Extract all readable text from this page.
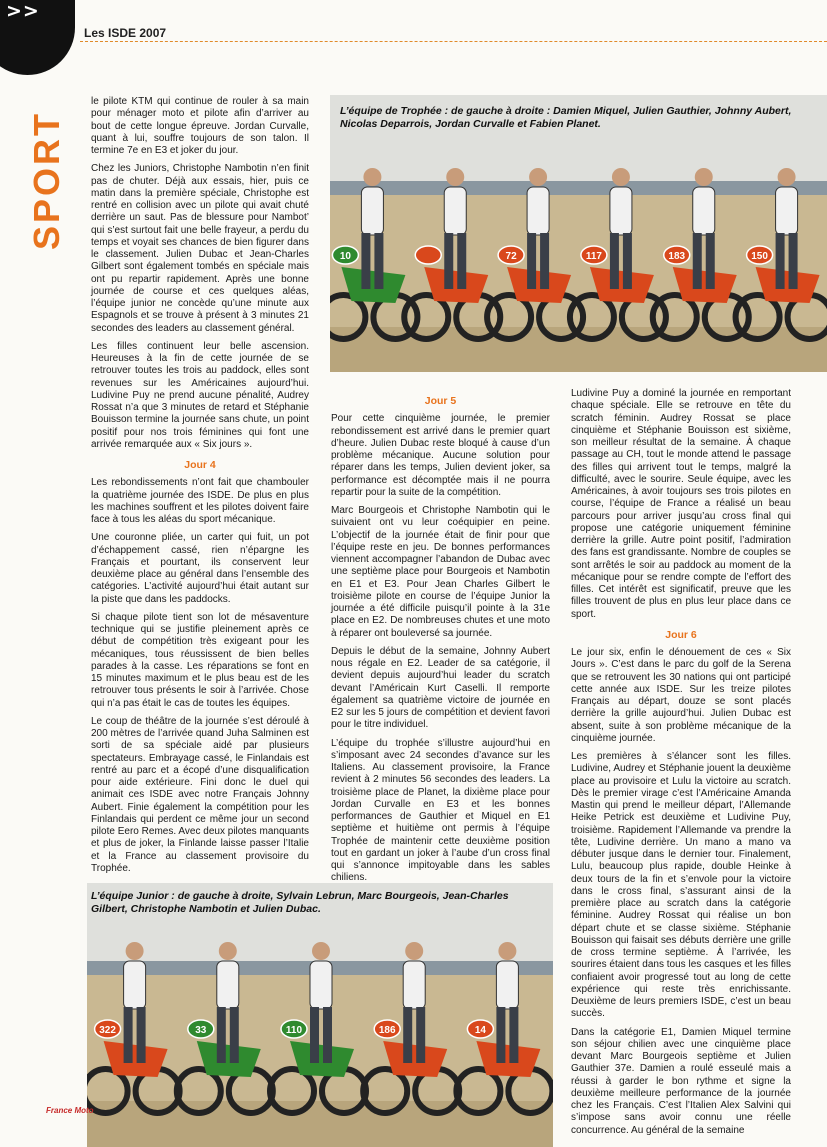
>>
Les ISDE 2007
SPORT

le pilote KTM qui continue de rouler à sa main pour ménager moto et pilote afin d’arriver au bout de cette longue épreuve. Jordan Curvalle, quant à lui, souffre toujours de son talon. Il termine 7e en E3 et joker du jour.

Chez les Juniors, Christophe Nambotin n’en finit pas de chuter. Déjà aux essais, hier, puis ce matin dans la première spéciale, Christophe est rentré en collision avec un pilote qui avait chuté derrière un saut. Pas de blessure pour Nambot’ qui s’est surtout fait une belle frayeur, a perdu du temps et voyait ses chances de bien figurer dans le classement. Julien Dubac et Jean-Charles Gilbert sont également tombés en spéciale mais ont pu repartir rapidement. Après une bonne journée de course et ces quelques aléas, l’équipe junior ne concède qu’une minute aux Espagnols et se trouve à présent à 3 minutes 21 secondes des leaders au classement général.

Les filles continuent leur belle ascension. Heureuses à la fin de cette journée de se retrouver toutes les trois au paddock, elles sont revenues sur les Américaines aujourd’hui. Ludivine Puy ne prend aucune pénalité, Audrey Rossat n’a que 3 minutes de retard et Stéphanie Bouisson termine la journée sans chute, un point positif pour nos trois féminines qui font une arrivée remarquée aux « Six jours ».

Jour 4

Les rebondissements n’ont fait que chambouler la quatrième journée des ISDE. De plus en plus les machines souffrent et les pilotes doivent faire face à tous les aléas du sport mécanique.

Une couronne pliée, un carter qui fuit, un pot d’échappement cassé, rien n’épargne les Français et pourtant, ils conservent leur deuxième place au général dans l’ensemble des catégories. L’activité aujourd’hui était autant sur la piste que dans les paddocks.

Si chaque pilote tient son lot de mésaventure technique qui se justifie pleinement après ce début de compétition très exigeant pour les mécaniques, tous réussissent de bien belles parades à la casse. Les réparations se font en 15 minutes maximum et le plus beau est de les retrouver tous présents le soir à l’arrivée. Chose qui n’a pas était le cas de toutes les équipes.

Le coup de théâtre de la journée s’est déroulé à 200 mètres de l’arrivée quand Juha Salminen est sorti de sa spéciale aidé par plusieurs spectateurs. Embrayage cassé, le Finlandais est rentré au parc et a écopé d’une disqualification pour aide extérieure. Fini donc le duel qui animait ces ISDE avec notre Français Johnny Aubert. Finie également la compétition pour les Finlandais qui perdent ce même jour un second pilote Eero Remes. Avec deux pilotes manquants et plus de joker, la Finlande laisse passer l’Italie et la France au classement provisoire du Trophée.

Jour 5

Pour cette cinquième journée, le premier rebondissement est arrivé dans le premier quart d’heure. Julien Dubac reste bloqué à cause d’un problème mécanique. Aucune solution pour réparer dans les temps, Julien devient joker, sa performance est décomptée mais il ne pourra repartir pour la suite de la compétition.

Marc Bourgeois et Christophe Nambotin qui le suivaient ont vu leur coéquipier en peine. L’objectif de la journée était de finir pour que l’équipe reste en jeu. De bonnes performances viennent accompagner l’abandon de Dubac avec une septième place pour Bourgeois et Nambotin en E1 et E3. Pour Jean Charles Gilbert le troisième pilote en course de l’équipe Junior la journée a été difficile puisqu’il pointe à la 31e place en E2. De nombreuses chutes et une moto à réparer ont bouleversé sa journée.

Depuis le début de la semaine, Johnny Aubert nous régale en E2. Leader de sa catégorie, il devient depuis aujourd’hui leader du scratch devant l’Américain Kurt Caselli. Il remporte également sa quatrième victoire de journée en E2 sur les 5 jours de compétition et devient favori pour le titre individuel.

L’équipe du trophée s’illustre aujourd’hui en s’imposant avec 24 secondes d’avance sur les Italiens. Au classement provisoire, la France revient à 2 minutes 56 secondes des leaders. La troisième place de Planet, la dixième place pour Jordan Curvalle en E3 et les bonnes performances de Gauthier et Miquel en E1 septième et huitième ont permis à l’équipe Trophée de maintenir cette deuxième position tout en gardant un joker à l’aube d’un cross final qui s’annonce impitoyable dans les sables chiliens.

Ludivine Puy a dominé la journée en remportant chaque spéciale. Elle se retrouve en tête du scratch féminin. Audrey Rossat se place cinquième et Stéphanie Bouisson est sixième, son meilleur résultat de la semaine. À chaque passage au CH, tout le monde attend le passage des filles qui arrivent tout le temps, malgré la difficulté, avec le sourire. Seule équipe, avec les Américaines, à avoir toujours ses trois pilotes en course, l’équipe de France a réalisé un beau parcours pour arriver jusqu’au cross final qui propose une catégorie uniquement féminine derrière la grille. Autre point positif, l’admiration des fans est grandissante. Nombre de couples se sont arrêtés le soir au paddock au moment de la mécanique pour se rendre compte de l’effort des filles. Cet intérêt est significatif, preuve que les filles trouvent de plus en plus leur place dans ce sport.

Jour 6

Le jour six, enfin le dénouement de ces « Six Jours ». C’est dans le parc du golf de la Serena que se retrouvent les 30 nations qui ont participé cette année aux ISDE. Sur les treize pilotes Français au départ, douze se sont placés derrière la grille aujourd’hui. Julien Dubac est absent, suite à son problème mécanique de la cinquième journée.

Les premières à s’élancer sont les filles. Ludivine, Audrey et Stéphanie jouent la deuxième place au provisoire et Lulu la victoire au scratch. Dès le premier virage c’est l’Américaine Amanda Mastin qui prend le meilleur départ, l’Allemande Heike Petrick est deuxième et Ludivine Puy, troisième. Rapidement l’Allemande va prendre la tête, Ludivine derrière. Un mano a mano va débuter jusque dans le dernier tour. Finalement, Lulu, beaucoup plus rapide, double Heinke à deux tours de la fin et s’envole pour la victoire dans le cross final, s’assurant ainsi de la première place au scratch dans la catégorie féminine. Audrey Rossat qui réalise un bon départ chute et se classe sixième. Stéphanie Bouisson qui faisait ses débuts derrière une grille de cross termine septième. À l’arrivée, les sourires étaient dans tous les casques et les filles confiaient avoir progressé tout au long de cette expérience qui reste très enrichissante. Deuxième de leurs premiers ISDE, c’est un beau succès.

Dans la catégorie E1, Damien Miquel termine son séjour chilien avec une cinquième place devant Marc Bourgeois septième et Julien Gauthier 37e. Damien a roulé esseulé mais a réussi à garder le bon rythme et signe la deuxième meilleure performance de la journée chez les Français. C’est l’Italien Alex Salvini qui s’impose sans avoir connu une réelle concurrence. Au général de la semaine

10	72	117	183	150
L’équipe de Trophée : de gauche à droite : Damien Miquel, Julien Gauthier, Johnny Aubert, Nicolas Deparrois, Jordan Curvalle et Fabien Planet.
322	33	110	186	14
L’équipe Junior : de gauche à droite, Sylvain Lebrun, Marc Bourgeois, Jean-Charles Gilbert, Christophe Nambotin et Julien Dubac.
France Moto
